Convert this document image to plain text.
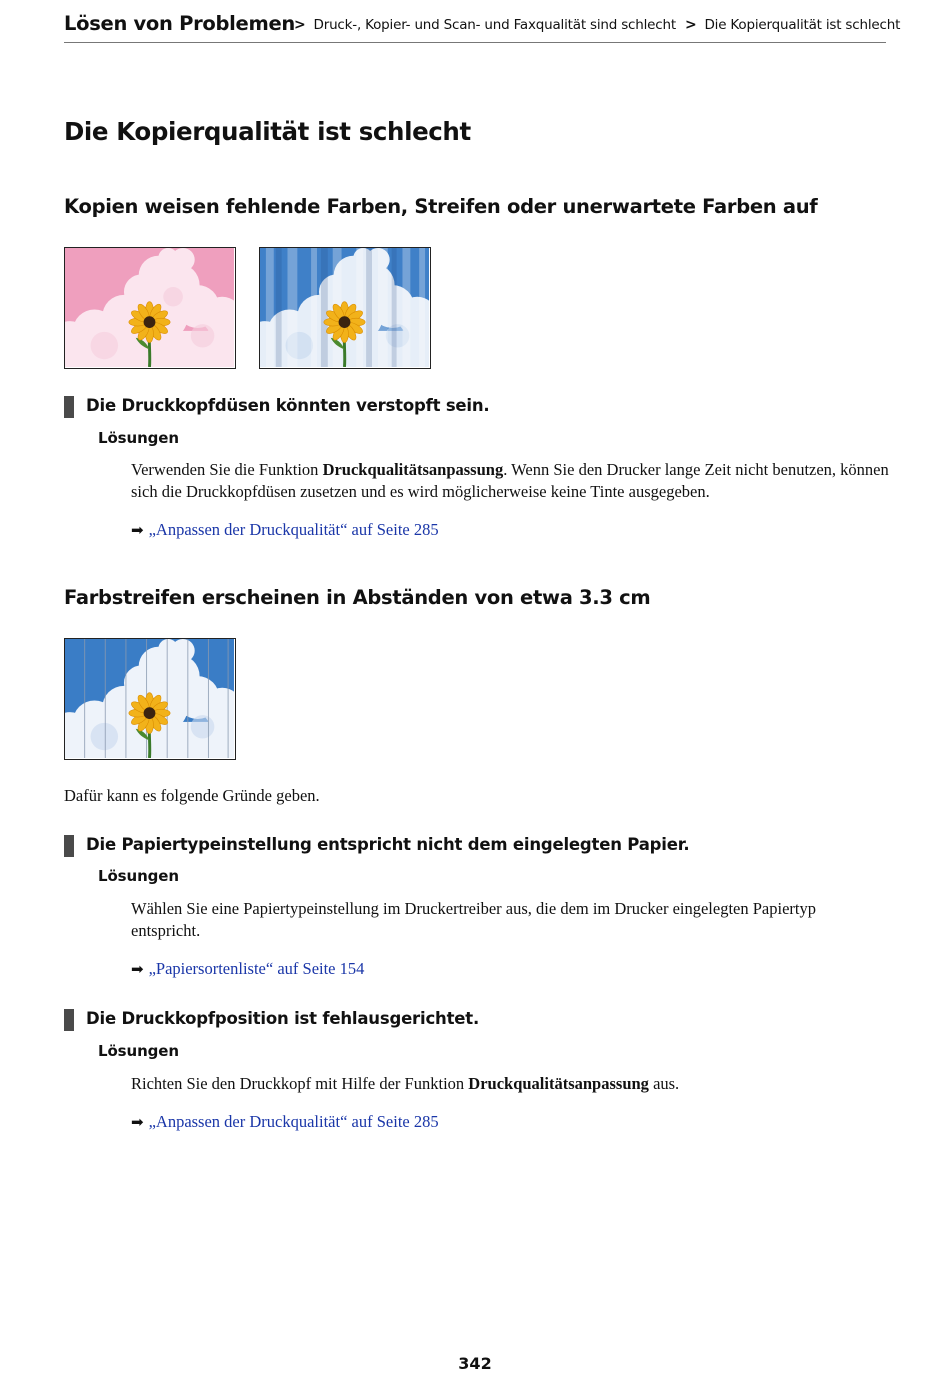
Lösen von Problemen
> Druck-, Kopier- und Scan- und Faxqualität sind schlecht > Die Kopierqualität ist schlecht
Die Kopierqualität ist schlecht
Kopien weisen fehlende Farben, Streifen oder unerwartete Farben auf
Die Druckkopfdüsen könnten verstopft sein.
Lösungen
Verwenden Sie die Funktion Druckqualitätsanpassung. Wenn Sie den Drucker lange Zeit nicht benutzen, können sich die Druckkopfdüsen zusetzen und es wird möglicherweise keine Tinte ausgegeben.
➡ „Anpassen der Druckqualität“ auf Seite 285
Farbstreifen erscheinen in Abständen von etwa 3.3 cm
Dafür kann es folgende Gründe geben.
Die Papiertypeinstellung entspricht nicht dem eingelegten Papier.
Lösungen
Wählen Sie eine Papiertypeinstellung im Druckertreiber aus, die dem im Drucker eingelegten Papiertyp entspricht.
➡ „Papiersortenliste“ auf Seite 154
Die Druckkopfposition ist fehlausgerichtet.
Lösungen
Richten Sie den Druckkopf mit Hilfe der Funktion Druckqualitätsanpassung aus.
➡ „Anpassen der Druckqualität“ auf Seite 285
342
